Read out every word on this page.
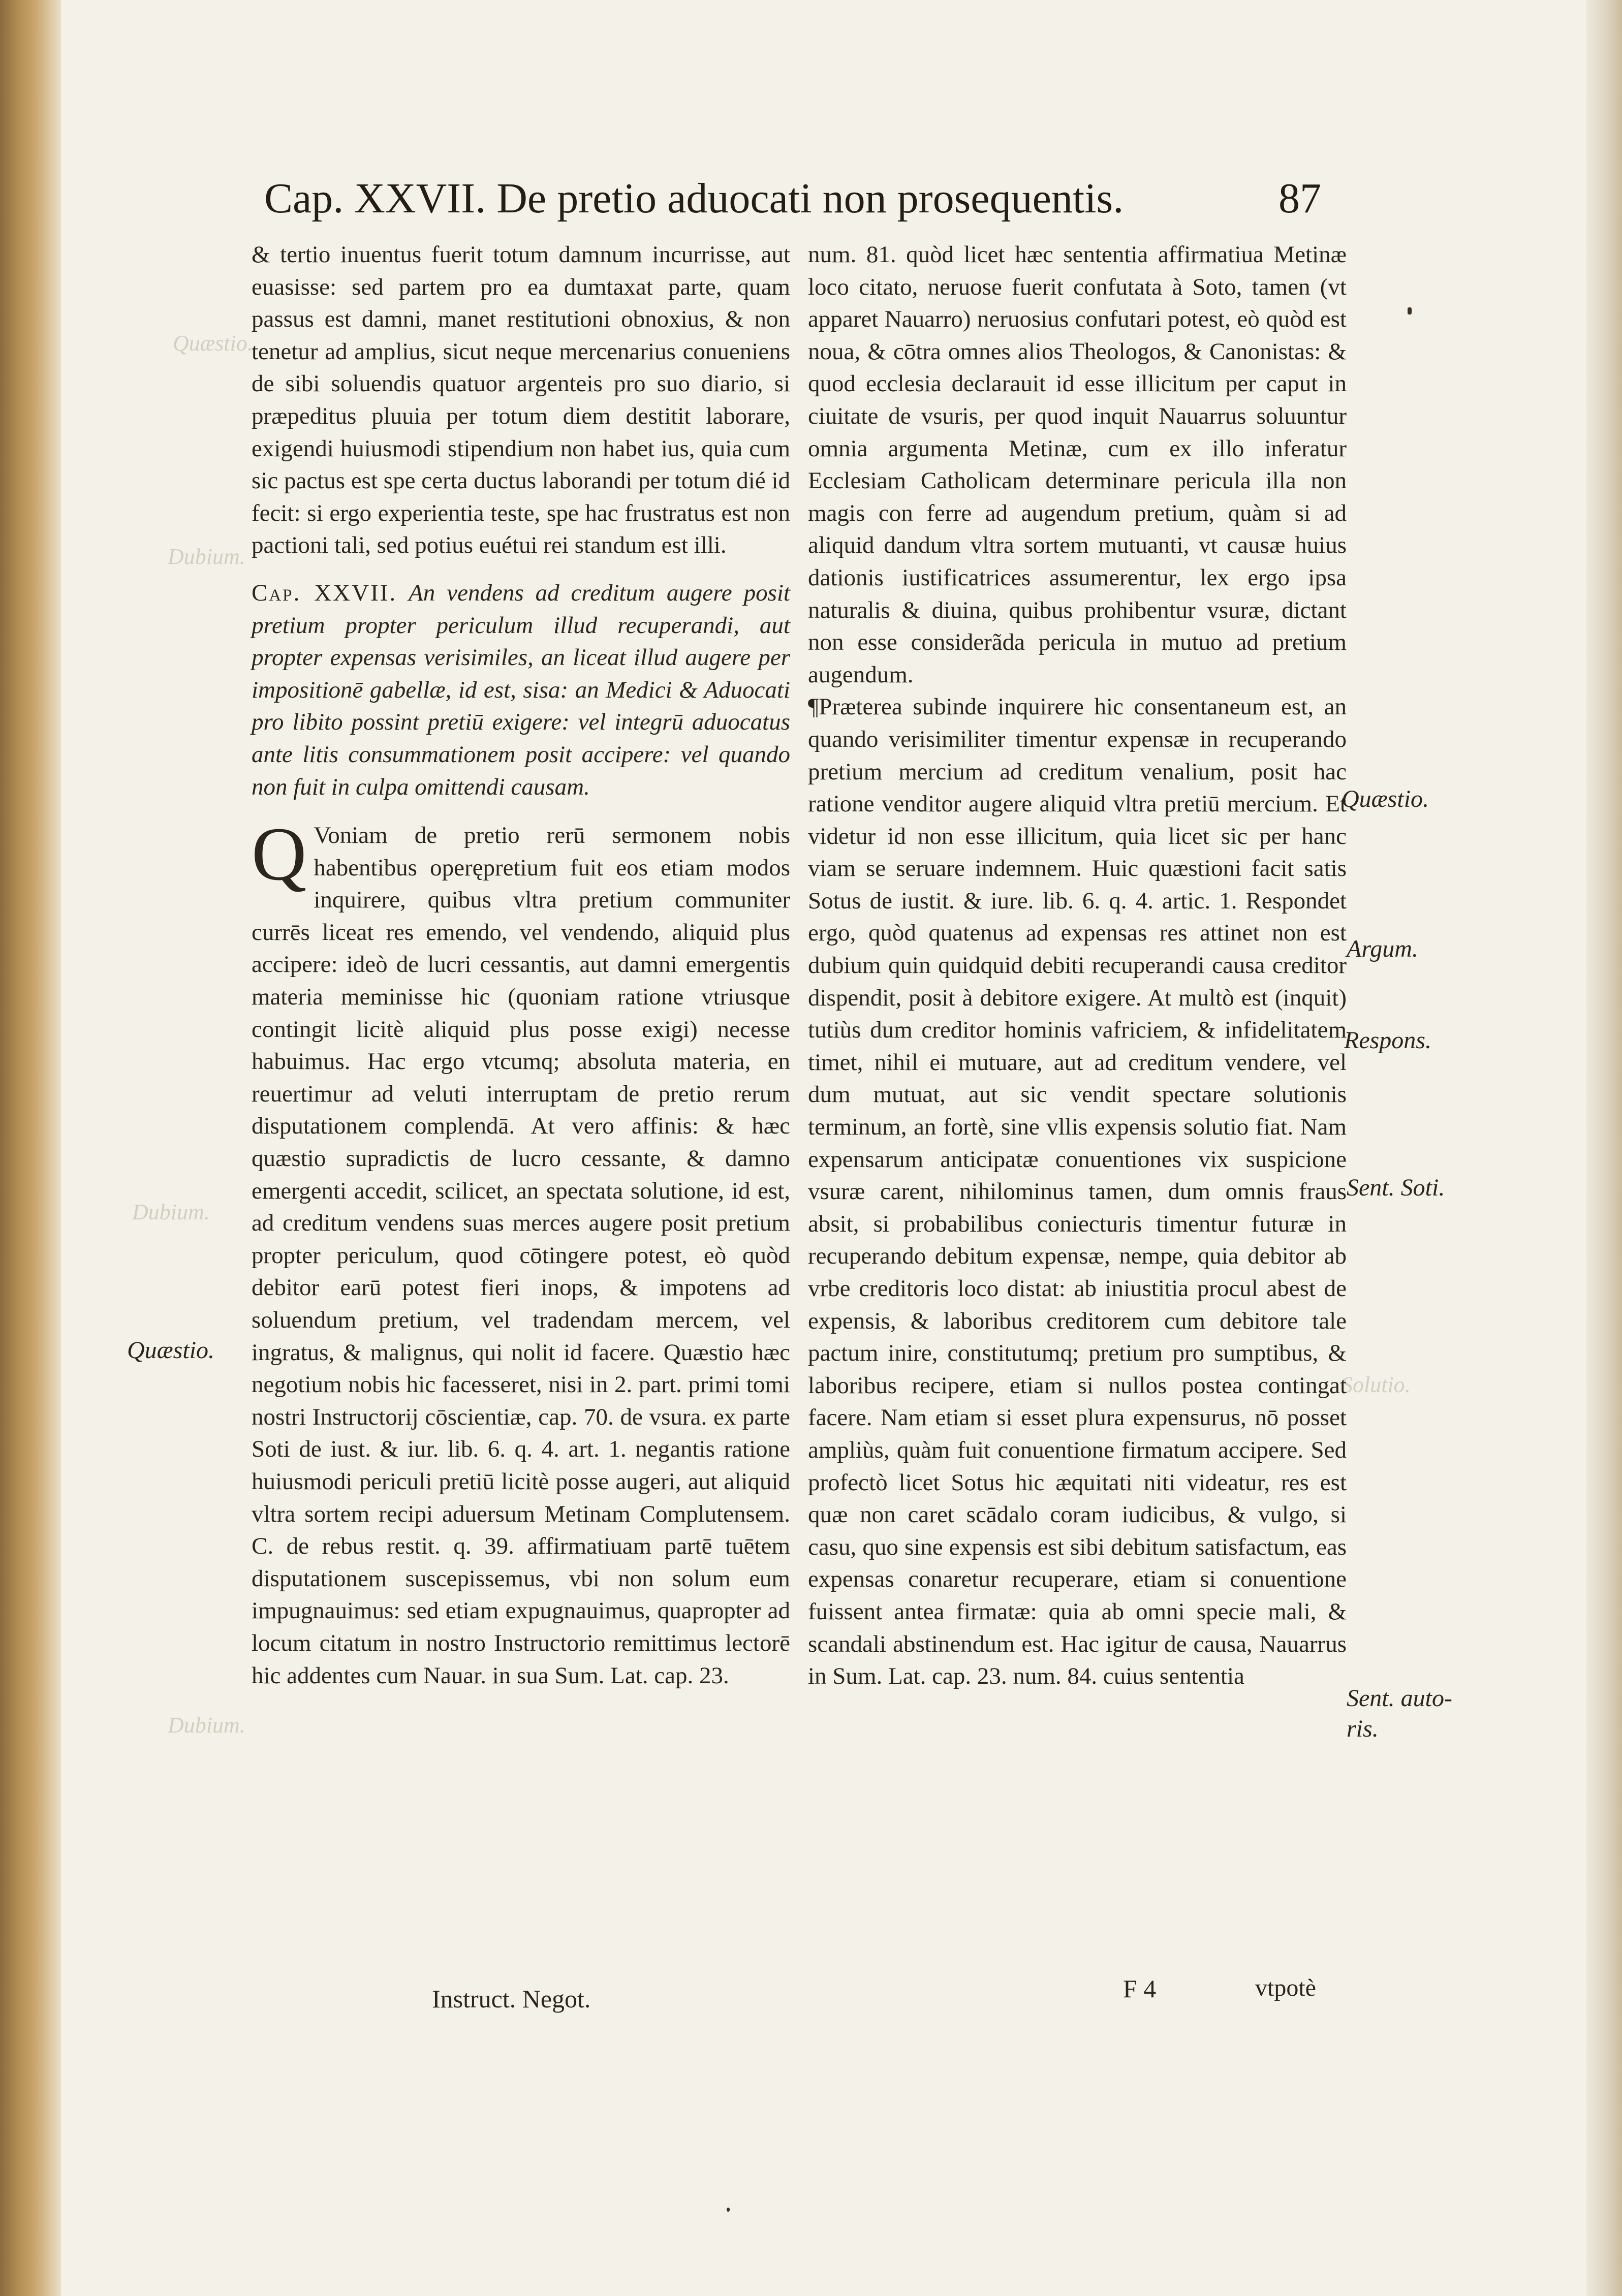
Cap. XXVII. De pretio aduocati non prosequentis.	87
Quæstio.
Dubium.
Dubium.
Dubium.
Solutio.

& tertio inuentus fuerit totum damnum incurrisse, aut euasisse: sed partem pro ea dumtaxat parte, quam passus est damni, manet restitutioni obnoxius, & non tenetur ad amplius, sicut neque mercenarius conueniens de sibi soluendis quatuor argenteis pro suo diario, si præpeditus pluuia per totum diem destitit laborare, exigendi huiusmodi stipendium non habet ius, quia cum sic pactus est spe certa ductus laborandi per totum dié id fecit: si ergo experientia teste, spe hac frustratus est non pactioni tali, sed potius euétui rei standum est illi.

Cap. XXVII. An vendens ad creditum augere posit pretium propter periculum illud recuperandi, aut propter expensas verisimiles, an liceat illud augere per impositionē gabellæ, id est, sisa: an Medici & Aduocati pro libito possint pretiū exigere: vel integrū aduocatus ante litis consummationem posit accipere: vel quando non fuit in culpa omittendi causam.

QVoniam de pretio rerū sermonem nobis habentibus operępretium fuit eos etiam modos inquirere, quibus vltra pretium communiter currēs liceat res emendo, vel vendendo, aliquid plus accipere: ideò de lucri cessantis, aut damni emergentis materia meminisse hic (quoniam ratione vtriusque contingit licitè aliquid plus posse exigi) necesse habuimus. Hac ergo vtcumq; absoluta materia, en reuertimur ad veluti interruptam de pretio rerum disputationem complendā. At vero affinis: & hæc quæstio supradictis de lucro cessante, & damno emergenti accedit, scilicet, an spectata solutione, id est, ad creditum vendens suas merces augere posit pretium propter periculum, quod cōtingere potest, eò quòd debitor earū potest fieri inops, & impotens ad soluendum pretium, vel tradendam mercem, vel ingratus, & malignus, qui nolit id facere. Quæstio hæc negotium nobis hic facesseret, nisi in 2. part. primi tomi nostri Instructorij cōscientiæ, cap. 70. de vsura. ex parte Soti de iust. & iur. lib. 6. q. 4. art. 1. negantis ratione huiusmodi periculi pretiū licitè posse augeri, aut aliquid vltra sortem recipi aduersum Metinam Complutensem. C. de rebus restit. q. 39. affirmatiuam partē tuētem disputationem suscepissemus, vbi non solum eum impugnauimus: sed etiam expugnauimus, quapropter ad locum citatum in nostro Instructorio remittimus lectorē hic addentes cum Nauar. in sua Sum. Lat. cap. 23.

num. 81. quòd licet hæc sententia affirmatiua Metinæ loco citato, neruose fuerit confutata à Soto, tamen (vt apparet Nauarro) neruosius confutari potest, eò quòd est noua, & cōtra omnes alios Theologos, & Canonistas: & quod ecclesia declarauit id esse illicitum per caput in ciuitate de vsuris, per quod inquit Nauarrus soluuntur omnia argumenta Metinæ, cum ex illo inferatur Ecclesiam Catholicam determinare pericula illa non magis con ferre ad augendum pretium, quàm si ad aliquid dandum vltra sortem mutuanti, vt causæ huius dationis iustificatrices assumerentur, lex ergo ipsa naturalis & diuina, quibus prohibentur vsuræ, dictant non esse considerãda pericula in mutuo ad pretium augendum.

¶Præterea subinde inquirere hic consentaneum est, an quando verisimiliter timentur expensæ in recuperando pretium mercium ad creditum venalium, posit hac ratione venditor augere aliquid vltra pretiū mercium. Et videtur id non esse illicitum, quia licet sic per hanc viam se seruare indemnem. Huic quæstioni facit satis Sotus de iustit. & iure. lib. 6. q. 4. artic. 1. Respondet ergo, quòd quatenus ad expensas res attinet non est dubium quin quidquid debiti recuperandi causa creditor dispendit, posit à debitore exigere. At multò est (inquit) tutiùs dum creditor hominis vafriciem, & infidelitatem timet, nihil ei mutuare, aut ad creditum vendere, vel dum mutuat, aut sic vendit spectare solutionis terminum, an fortè, sine vllis expensis solutio fiat. Nam expensarum anticipatæ conuentiones vix suspicione vsuræ carent, nihilominus tamen, dum omnis fraus absit, si probabilibus coniecturis timentur futuræ in recuperando debitum expensæ, nempe, quia debitor ab vrbe creditoris loco distat: ab iniustitia procul abest de expensis, & laboribus creditorem cum debitore tale pactum inire, constitutumq; pretium pro sumptibus, & laboribus recipere, etiam si nullos postea contingat facere. Nam etiam si esset plura expensurus, nō posset ampliùs, quàm fuit conuentione firmatum accipere. Sed profectò licet Sotus hic æquitati niti videatur, res est quæ non caret scādalo coram iudicibus, & vulgo, si casu, quo sine expensis est sibi debitum satisfactum, eas expensas conaretur recuperare, etiam si conuentione fuissent antea firmatæ: quia ab omni specie mali, & scandali abstinendum est. Hac igitur de causa, Nauarrus in Sum. Lat. cap. 23. num. 84. cuius sententia

Quæstio.
Quæstio.
Argum.
Respons.
Sent. Soti.
Sent. auto-
ris.
Instruct. Negot.	F 4	vtpotè
